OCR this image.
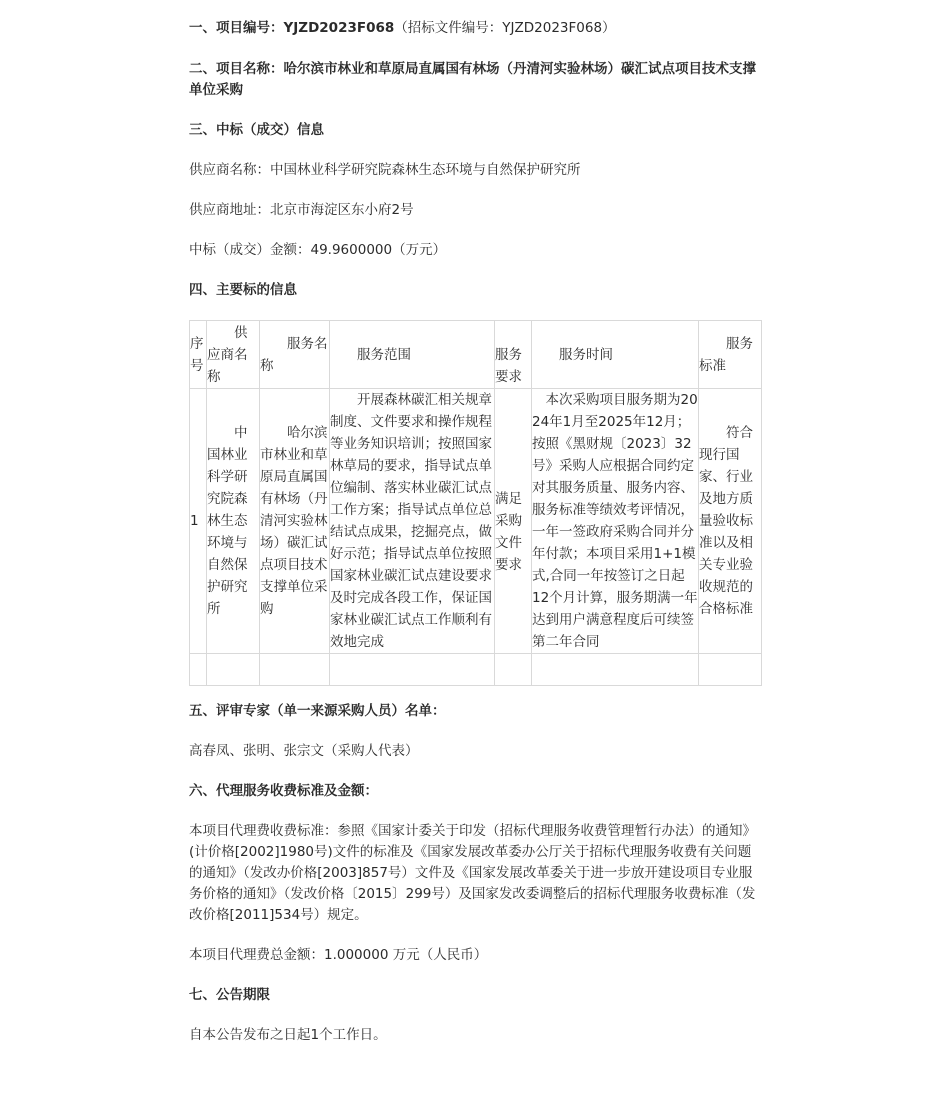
一、项目编号：YJZD2023F068（招标文件编号：YJZD2023F068）

二、项目名称：哈尔滨市林业和草原局直属国有林场（丹清河实验林场）碳汇试点项目技术支撑单位采购

三、中标（成交）信息

供应商名称：中国林业科学研究院森林生态环境与自然保护研究所

供应商地址：北京市海淀区东小府2号

中标（成交）金额：49.9600000（万元）

四、主要标的信息

序号	供应商名称	服务名称	服务范围	服务要求	服务时间	服务标准
1	中国林业科学研究院森林生态环境与自然保护研究所	哈尔滨市林业和草原局直属国有林场（丹清河实验林场）碳汇试点项目技术支撑单位采购	开展森林碳汇相关规章制度、文件要求和操作规程等业务知识培训；按照国家林草局的要求，指导试点单位编制、落实林业碳汇试点工作方案；指导试点单位总结试点成果，挖掘亮点，做好示范；指导试点单位按照国家林业碳汇试点建设要求及时完成各段工作，保证国家林业碳汇试点工作顺利有效地完成	满足采购文件要求	本次采购项目服务期为2024年1月至2025年12月；按照《黑财规〔2023〕32号》采购人应根据合同约定对其服务质量、服务内容、服务标准等绩效考评情况，一年一签政府采购合同并分年付款；本项目采用1+1模式,合同一年按签订之日起　12个月计算，服务期满一年达到用户满意程度后可续签第二年合同	符合现行国家、行业及地方质量验收标准以及相关专业验收规范的合格标准

五、评审专家（单一来源采购人员）名单：

高春凤、张明、张宗文（采购人代表）

六、代理服务收费标准及金额：

本项目代理费收费标准：参照《国家计委关于印发（招标代理服务收费管理暂行办法）的通知》(计价格[2002]1980号)文件的标准及《国家发展改革委办公厅关于招标代理服务收费有关问题的通知》（发改办价格[2003]857号）文件及《国家发展改革委关于进一步放开建设项目专业服务价格的通知》（发改价格〔2015〕299号）及国家发改委调整后的招标代理服务收费标准（发改价格[2011]534号）规定。

本项目代理费总金额：1.000000 万元（人民币）

七、公告期限

自本公告发布之日起1个工作日。
